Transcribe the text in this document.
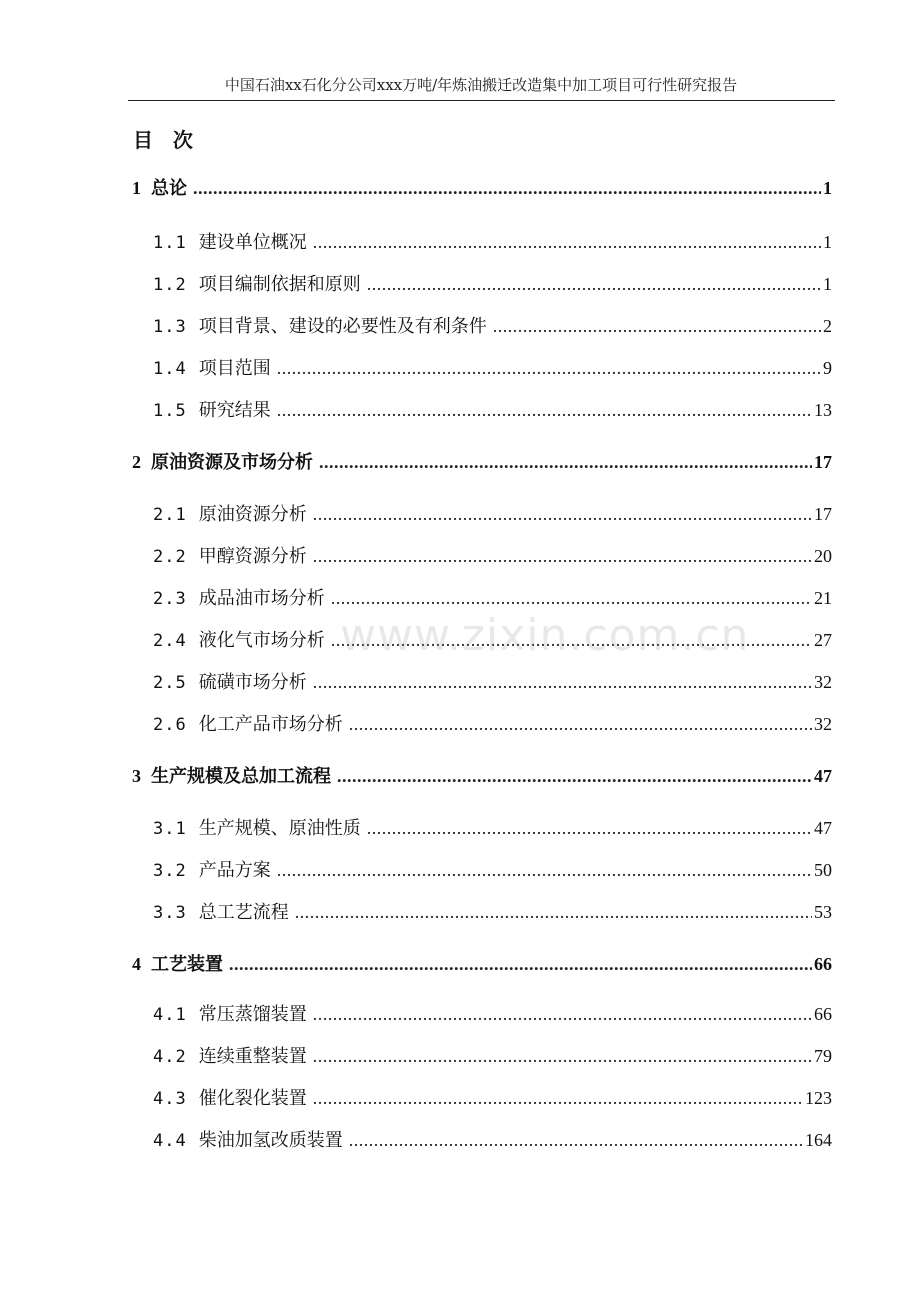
中国石油xx石化分公司xxx万吨/年炼油搬迁改造集中加工项目可行性研究报告
目  次
1 总论 .....	1
1.1 建设单位概况 .....	1
1.2 项目编制依据和原则 .....	1
1.3 项目背景、建设的必要性及有利条件 .....	2
1.4 项目范围 .....	9
1.5 研究结果 .....	13
2 原油资源及市场分析 .....	17
2.1 原油资源分析 .....	17
2.2 甲醇资源分析 .....	20
2.3 成品油市场分析 .....	21
2.4 液化气市场分析 .....	27
2.5 硫磺市场分析 .....	32
2.6 化工产品市场分析 .....	32
3 生产规模及总加工流程 .....	47
3.1 生产规模、原油性质 .....	47
3.2 产品方案 .....	50
3.3 总工艺流程 .....	53
4 工艺装置 .....	66
4.1 常压蒸馏装置 .....	66
4.2 连续重整装置 .....	79
4.3 催化裂化装置 .....	123
4.4 柴油加氢改质装置 .....	164
www.zixin.com.cn
